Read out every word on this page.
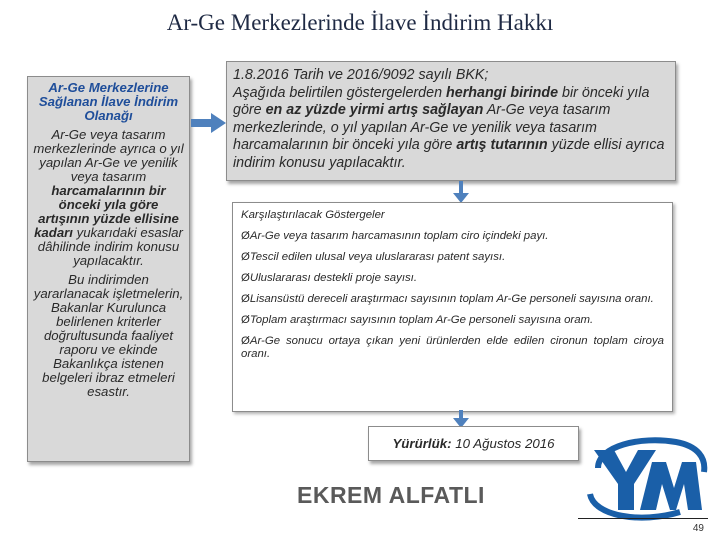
Ar-Ge Merkezlerinde İlave İndirim Hakkı

Ar-Ge Merkezlerine Sağlanan İlave İndirim Olanağı

Ar-Ge veya tasarım merkezlerinde ayrıca o yıl yapılan Ar-Ge ve yenilik veya tasarım harcamalarının bir önceki yıla göre artışının yüzde ellisine kadarı yukarıdaki esaslar dâhilinde indirim konusu yapılacaktır.

Bu indirimden yararlanacak işletmelerin, Bakanlar Kurulunca belirlenen kriterler doğrultusunda faaliyet raporu ve ekinde Bakanlıkça istenen belgeleri ibraz etmeleri esastır.

1.8.2016 Tarih ve 2016/9092 sayılı BKK;
Aşağıda belirtilen göstergelerden herhangi birinde bir önceki yıla göre en az yüzde yirmi artış sağlayan Ar-Ge veya tasarım merkezlerinde, o yıl yapılan Ar-Ge ve yenilik veya tasarım harcamalarının bir önceki yıla göre artış tutarının yüzde ellisi ayrıca indirim konusu yapılacaktır.
Karşılaştırılacak Göstergeler
ØAr-Ge veya tasarım harcamasının toplam ciro içindeki payı.
ØTescil edilen ulusal veya uluslararası patent sayısı.
ØUluslararası destekli proje sayısı.
ØLisansüstü dereceli araştırmacı sayısının toplam Ar-Ge personeli sayısına oranı.
ØToplam araştırmacı sayısının toplam Ar-Ge personeli sayısına oram.
ØAr-Ge sonucu ortaya çıkan yeni ürünlerden elde edilen cironun toplam ciroya oranı.
Yürürlük: 10 Ağustos 2016
EKREM ALFATLI
49
